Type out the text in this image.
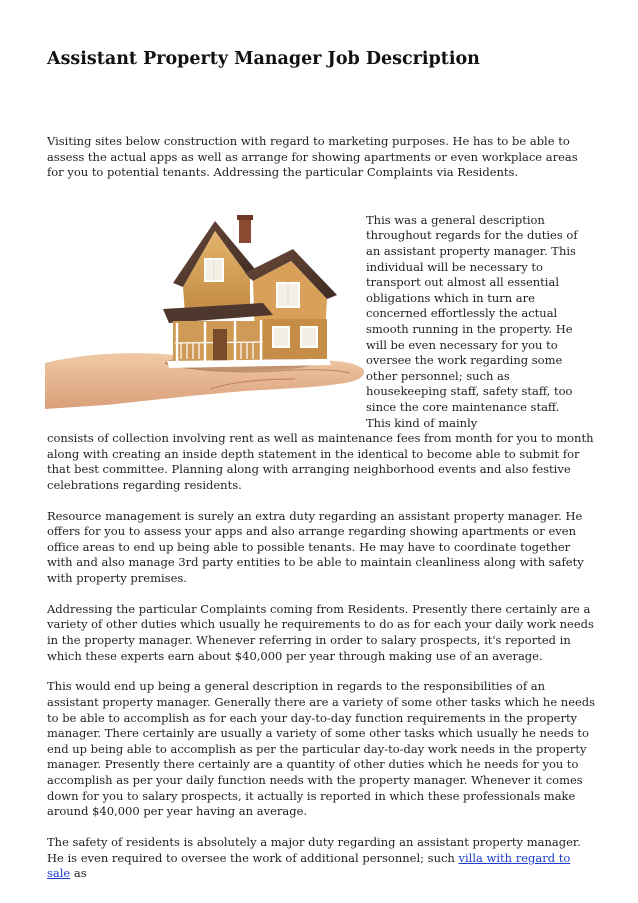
Assistant Property Manager Job Description

Visiting sites below construction with regard to marketing purposes. He has to be able to assess the actual apps as well as arrange for showing apartments or even workplace areas for you to potential tenants. Addressing the particular Complaints via Residents.

This was a general description throughout regards for the duties of an assistant property manager. This individual will be necessary to transport out almost all essential obligations which in turn are concerned effortlessly the actual smooth running in the property. He will be even necessary for you to oversee the work regarding some other personnel; such as housekeeping staff, safety staff, too since the core maintenance staff. This kind of mainly

consists of collection involving rent as well as maintenance fees from month for you to month along with creating an inside depth statement in the identical to become able to submit for that best committee. Planning along with arranging neighborhood events and also festive celebrations regarding residents.

Resource management is surely an extra duty regarding an assistant property manager. He offers for you to assess your apps and also arrange regarding showing apartments or even office areas to end up being able to possible tenants. He may have to coordinate together with and also manage 3rd party entities to be able to maintain cleanliness along with safety with property premises.

Addressing the particular Complaints coming from Residents. Presently there certainly are a variety of other duties which usually he requirements to do as for each your daily work needs in the property manager. Whenever referring in order to salary prospects, it's reported in which these experts earn about $40,000 per year through making use of an average.

This would end up being a general description in regards to the responsibilities of an assistant property manager. Generally there are a variety of some other tasks which he needs to be able to accomplish as for each your day-to-day function requirements in the property manager. There certainly are usually a variety of some other tasks which usually he needs to end up being able to accomplish as per the particular day-to-day work needs in the property manager. Presently there certainly are a quantity of other duties which he needs for you to accomplish as per your daily function needs with the property manager. Whenever it comes down for you to salary prospects, it actually is reported in which these professionals make around $40,000 per year having an average.

The safety of residents is absolutely a major duty regarding an assistant property manager. He is even required to oversee the work of additional personnel; such villa with regard to sale as
